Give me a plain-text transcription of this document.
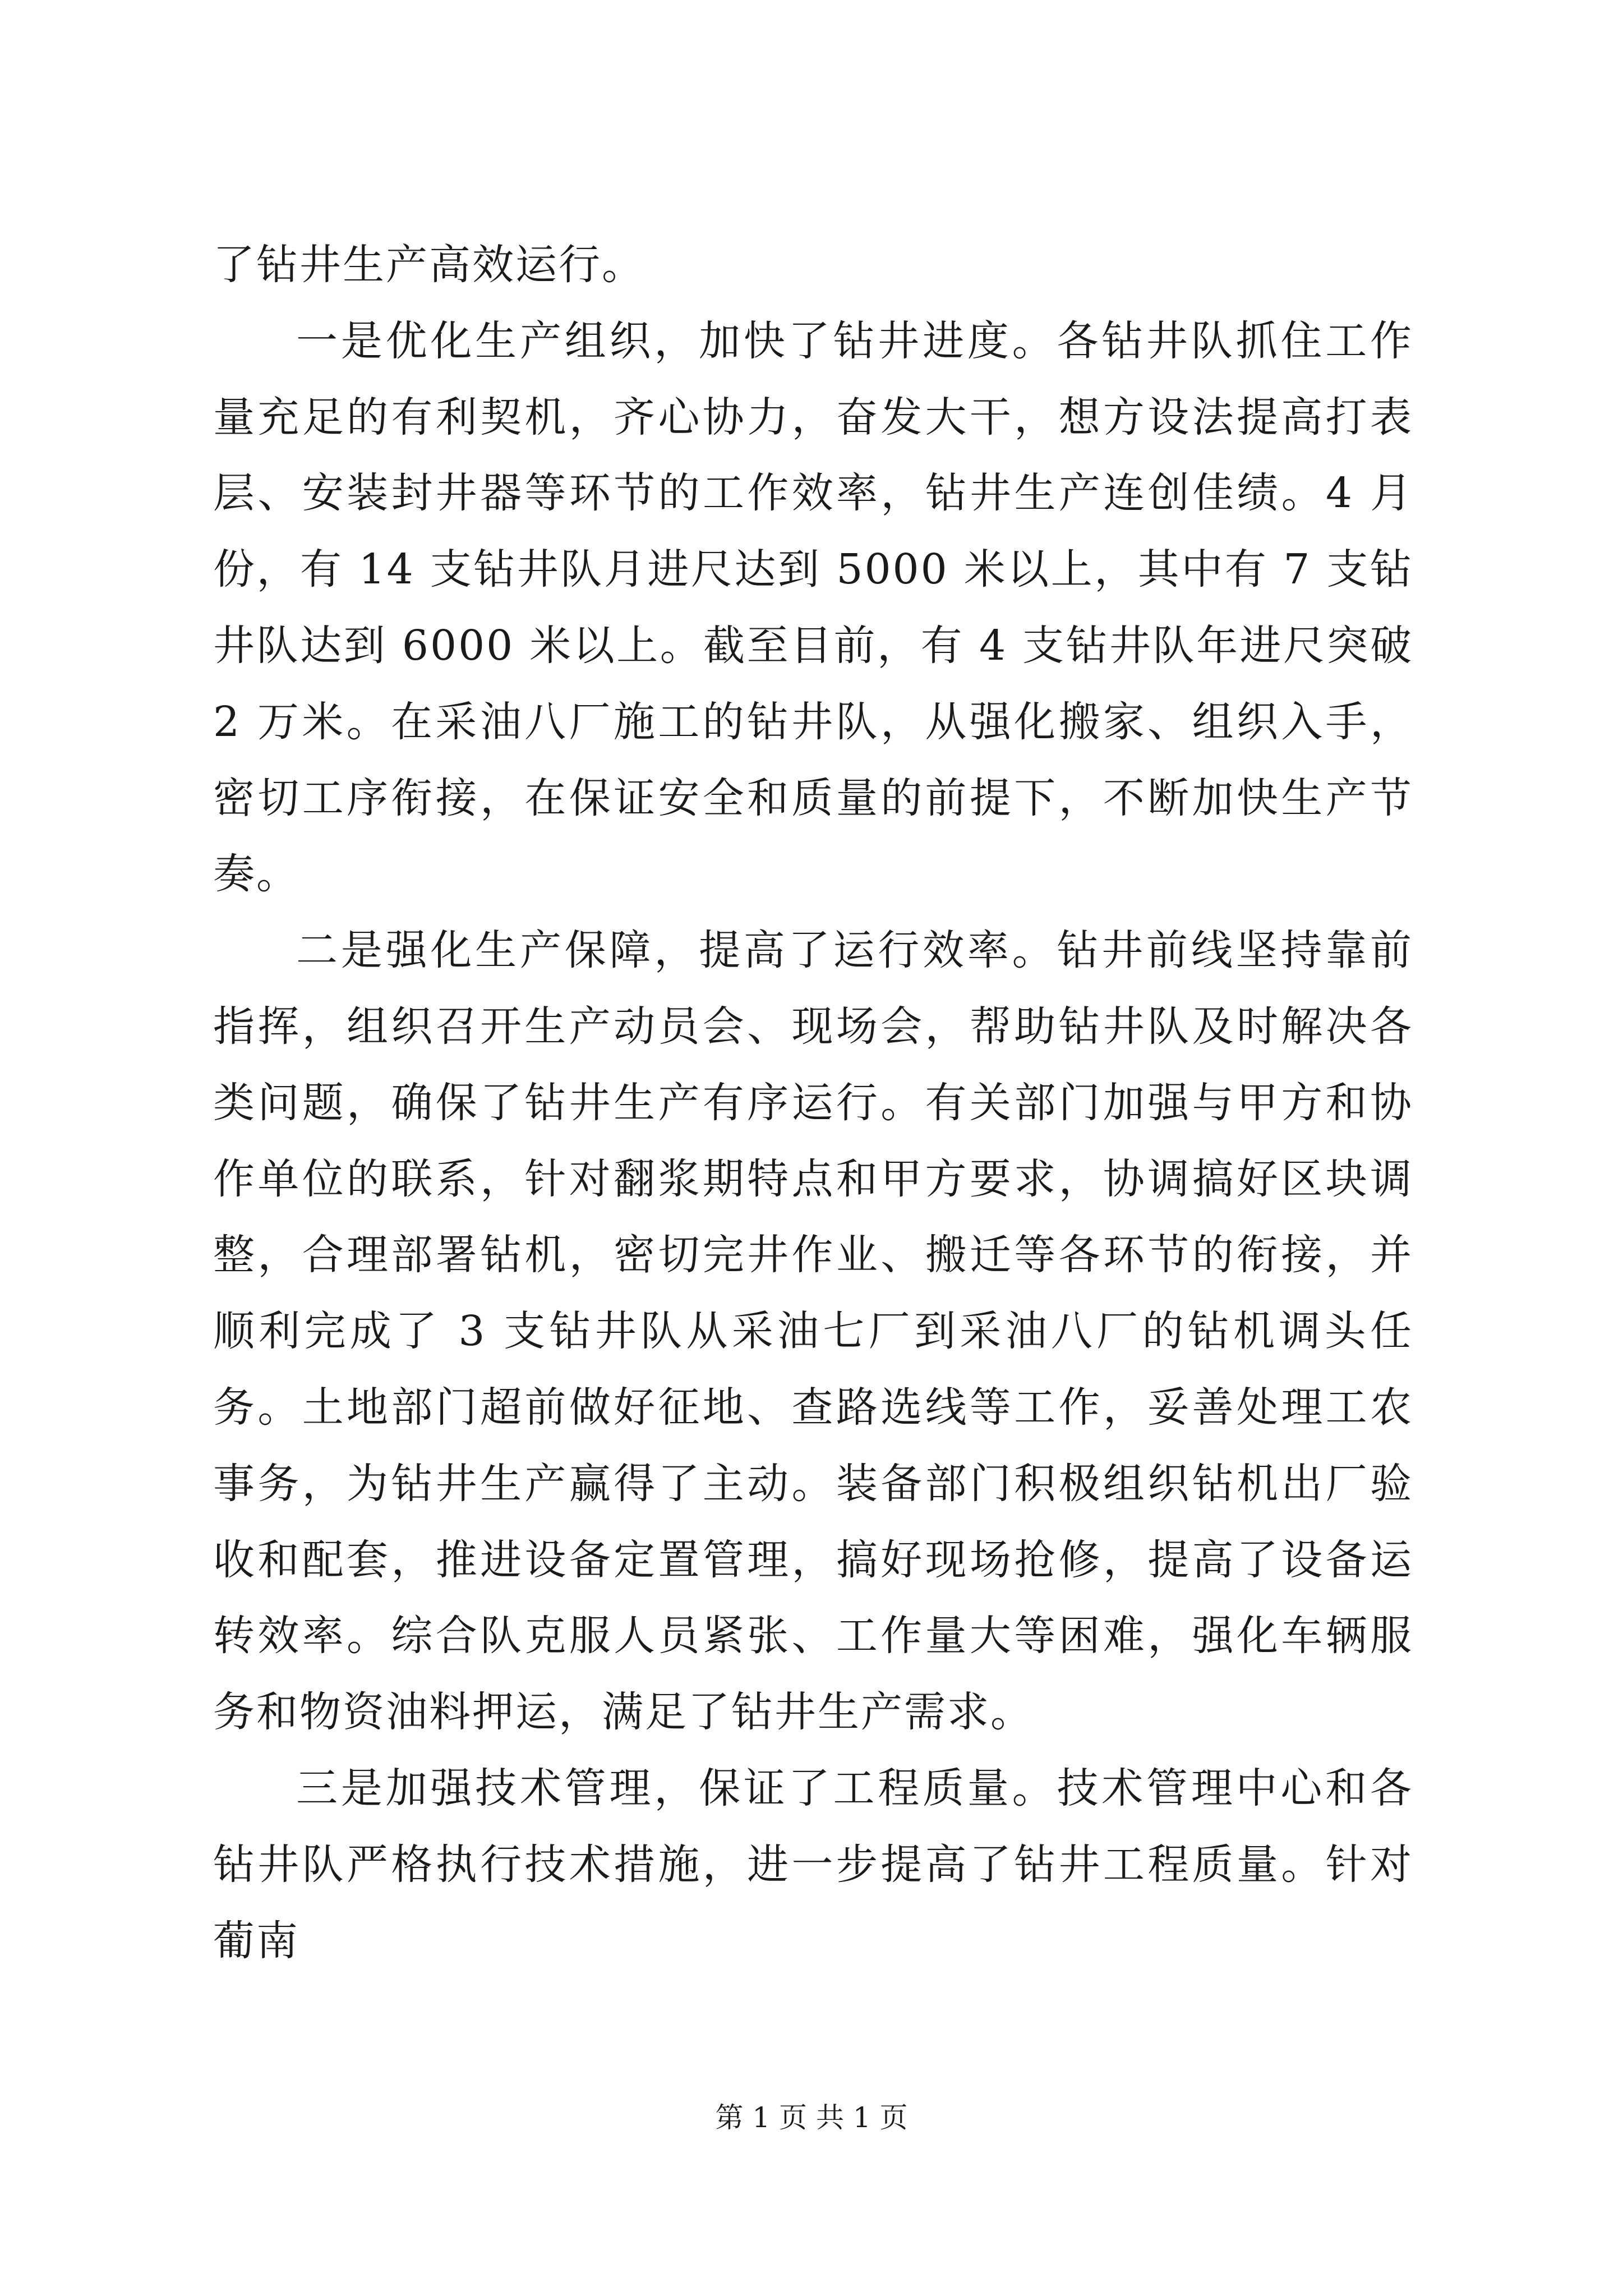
了钻井生产高效运行。

一是优化生产组织，加快了钻井进度。各钻井队抓住工作量充足的有利契机，齐心协力，奋发大干，想方设法提高打表层、安装封井器等环节的工作效率，钻井生产连创佳绩。4 月份，有 14 支钻井队月进尺达到 5000 米以上，其中有 7 支钻井队达到 6000 米以上。截至目前，有 4 支钻井队年进尺突破 2 万米。在采油八厂施工的钻井队，从强化搬家、组织入手，密切工序衔接，在保证安全和质量的前提下，不断加快生产节奏。

二是强化生产保障，提高了运行效率。钻井前线坚持靠前指挥，组织召开生产动员会、现场会，帮助钻井队及时解决各类问题，确保了钻井生产有序运行。有关部门加强与甲方和协作单位的联系，针对翻浆期特点和甲方要求，协调搞好区块调整，合理部署钻机，密切完井作业、搬迁等各环节的衔接，并顺利完成了 3 支钻井队从采油七厂到采油八厂的钻机调头任务。土地部门超前做好征地、查路选线等工作，妥善处理工农事务，为钻井生产赢得了主动。装备部门积极组织钻机出厂验收和配套，推进设备定置管理，搞好现场抢修，提高了设备运转效率。综合队克服人员紧张、工作量大等困难，强化车辆服务和物资油料押运，满足了钻井生产需求。

三是加强技术管理，保证了工程质量。技术管理中心和各钻井队严格执行技术措施，进一步提高了钻井工程质量。针对葡南

第 1 页 共 1 页
